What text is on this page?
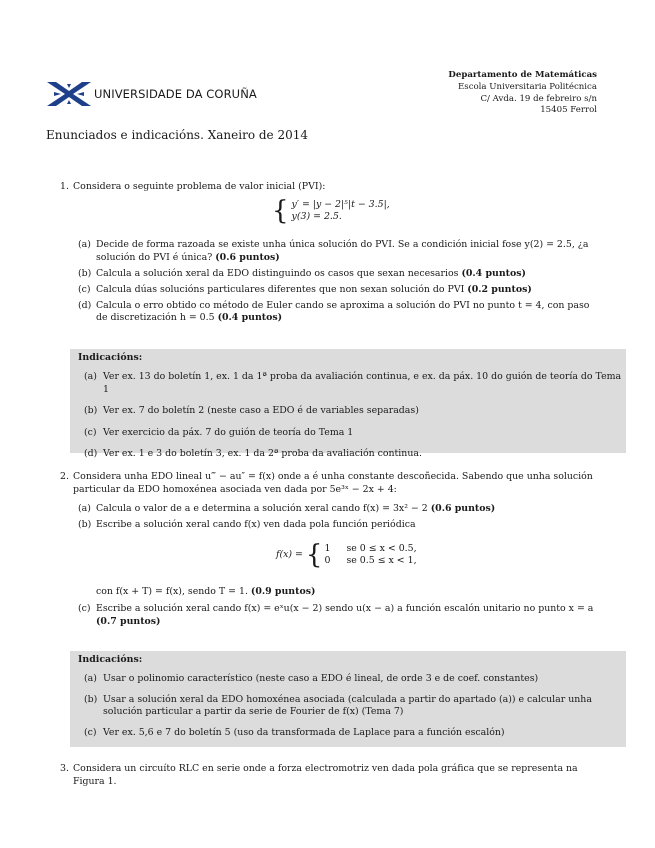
UNIVERSIDADE DA CORUÑA
Departamento de Matemáticas
Escola Universitaria Politécnica
C/ Avda. 19 de febreiro s/n
15405 Ferrol
Enunciados e indicacións. Xaneiro de 2014
1. Considera o seguinte problema de valor inicial (PVI):
{ y′ = |y − 2|⁵|t − 3.5|,
y(3) = 2.5.
(a) Decide de forma razoada se existe unha única solución do PVI. Se a condición inicial fose y(2) = 2.5, ¿a solución do PVI é única? (0.6 puntos)
(b) Calcula a solución xeral da EDO distinguindo os casos que sexan necesarios (0.4 puntos)
(c) Calcula dúas solucións particulares diferentes que non sexan solución do PVI (0.2 puntos)
(d) Calcula o erro obtido co método de Euler cando se aproxima a solución do PVI no punto t = 4, con paso de discretización h = 0.5 (0.4 puntos)
Indicacións:
(a) Ver ex. 13 do boletín 1, ex. 1 da 1ª proba da avaliación continua, e ex. da páx. 10 do guión de teoría do Tema 1
(b) Ver ex. 7 do boletín 2 (neste caso a EDO é de variables separadas)
(c) Ver exercicio da páx. 7 do guión de teoría do Tema 1
(d) Ver ex. 1 e 3 do boletín 3, ex. 1 da 2ª proba da avaliación continua.
2. Considera unha EDO lineal u‴ − au″ = f(x) onde a é unha constante descoñecida. Sabendo que unha solución particular da EDO homoxénea asociada ven dada por 5e³ˣ − 2x + 4:
(a) Calcula o valor de a e determina a solución xeral cando f(x) = 3x² − 2 (0.6 puntos)
(b) Escribe a solución xeral cando f(x) ven dada pola función periódica
f(x) = { 1	se 0 ≤ x < 0.5,
0	se 0.5 ≤ x < 1,
con f(x + T) = f(x), sendo T = 1. (0.9 puntos)
(c) Escribe a solución xeral cando f(x) = eˣu(x − 2) sendo u(x − a) a función escalón unitario no punto x = a (0.7 puntos)
Indicacións:
(a) Usar o polinomio característico (neste caso a EDO é lineal, de orde 3 e de coef. constantes)
(b) Usar a solución xeral da EDO homoxénea asociada (calculada a partir do apartado (a)) e calcular unha solución particular a partir da serie de Fourier de f(x) (Tema 7)
(c) Ver ex. 5,6 e 7 do boletín 5 (uso da transformada de Laplace para a función escalón)
3. Considera un circuíto RLC en serie onde a forza electromotriz ven dada pola gráfica que se representa na Figura 1.
